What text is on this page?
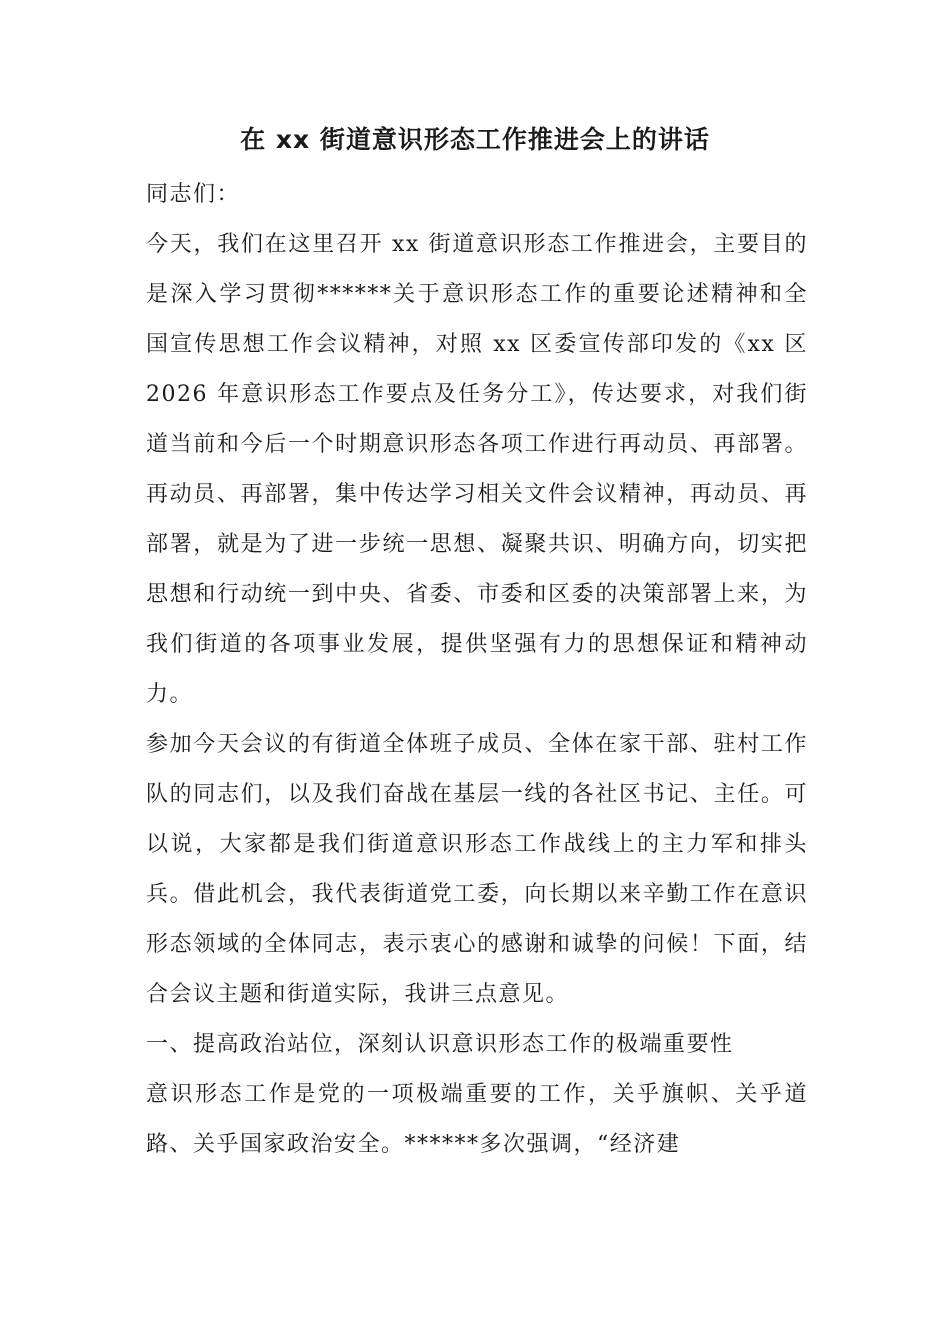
在 xx 街道意识形态工作推进会上的讲话

同志们：

今天，我们在这里召开 xx 街道意识形态工作推进会，主要目的是深入学习贯彻******关于意识形态工作的重要论述精神和全国宣传思想工作会议精神，对照 xx 区委宣传部印发的《xx 区 2026 年意识形态工作要点及任务分工》，传达要求，对我们街道当前和今后一个时期意识形态各项工作进行再动员、再部署。再动员、再部署，集中传达学习相关文件会议精神，再动员、再部署，就是为了进一步统一思想、凝聚共识、明确方向，切实把思想和行动统一到中央、省委、市委和区委的决策部署上来，为我们街道的各项事业发展，提供坚强有力的思想保证和精神动力。

参加今天会议的有街道全体班子成员、全体在家干部、驻村工作队的同志们，以及我们奋战在基层一线的各社区书记、主任。可以说，大家都是我们街道意识形态工作战线上的主力军和排头兵。借此机会，我代表街道党工委，向长期以来辛勤工作在意识形态领域的全体同志，表示衷心的感谢和诚挚的问候！下面，结合会议主题和街道实际，我讲三点意见。

一、提高政治站位，深刻认识意识形态工作的极端重要性

意识形态工作是党的一项极端重要的工作，关乎旗帜、关乎道路、关乎国家政治安全。******多次强调，“经济建
